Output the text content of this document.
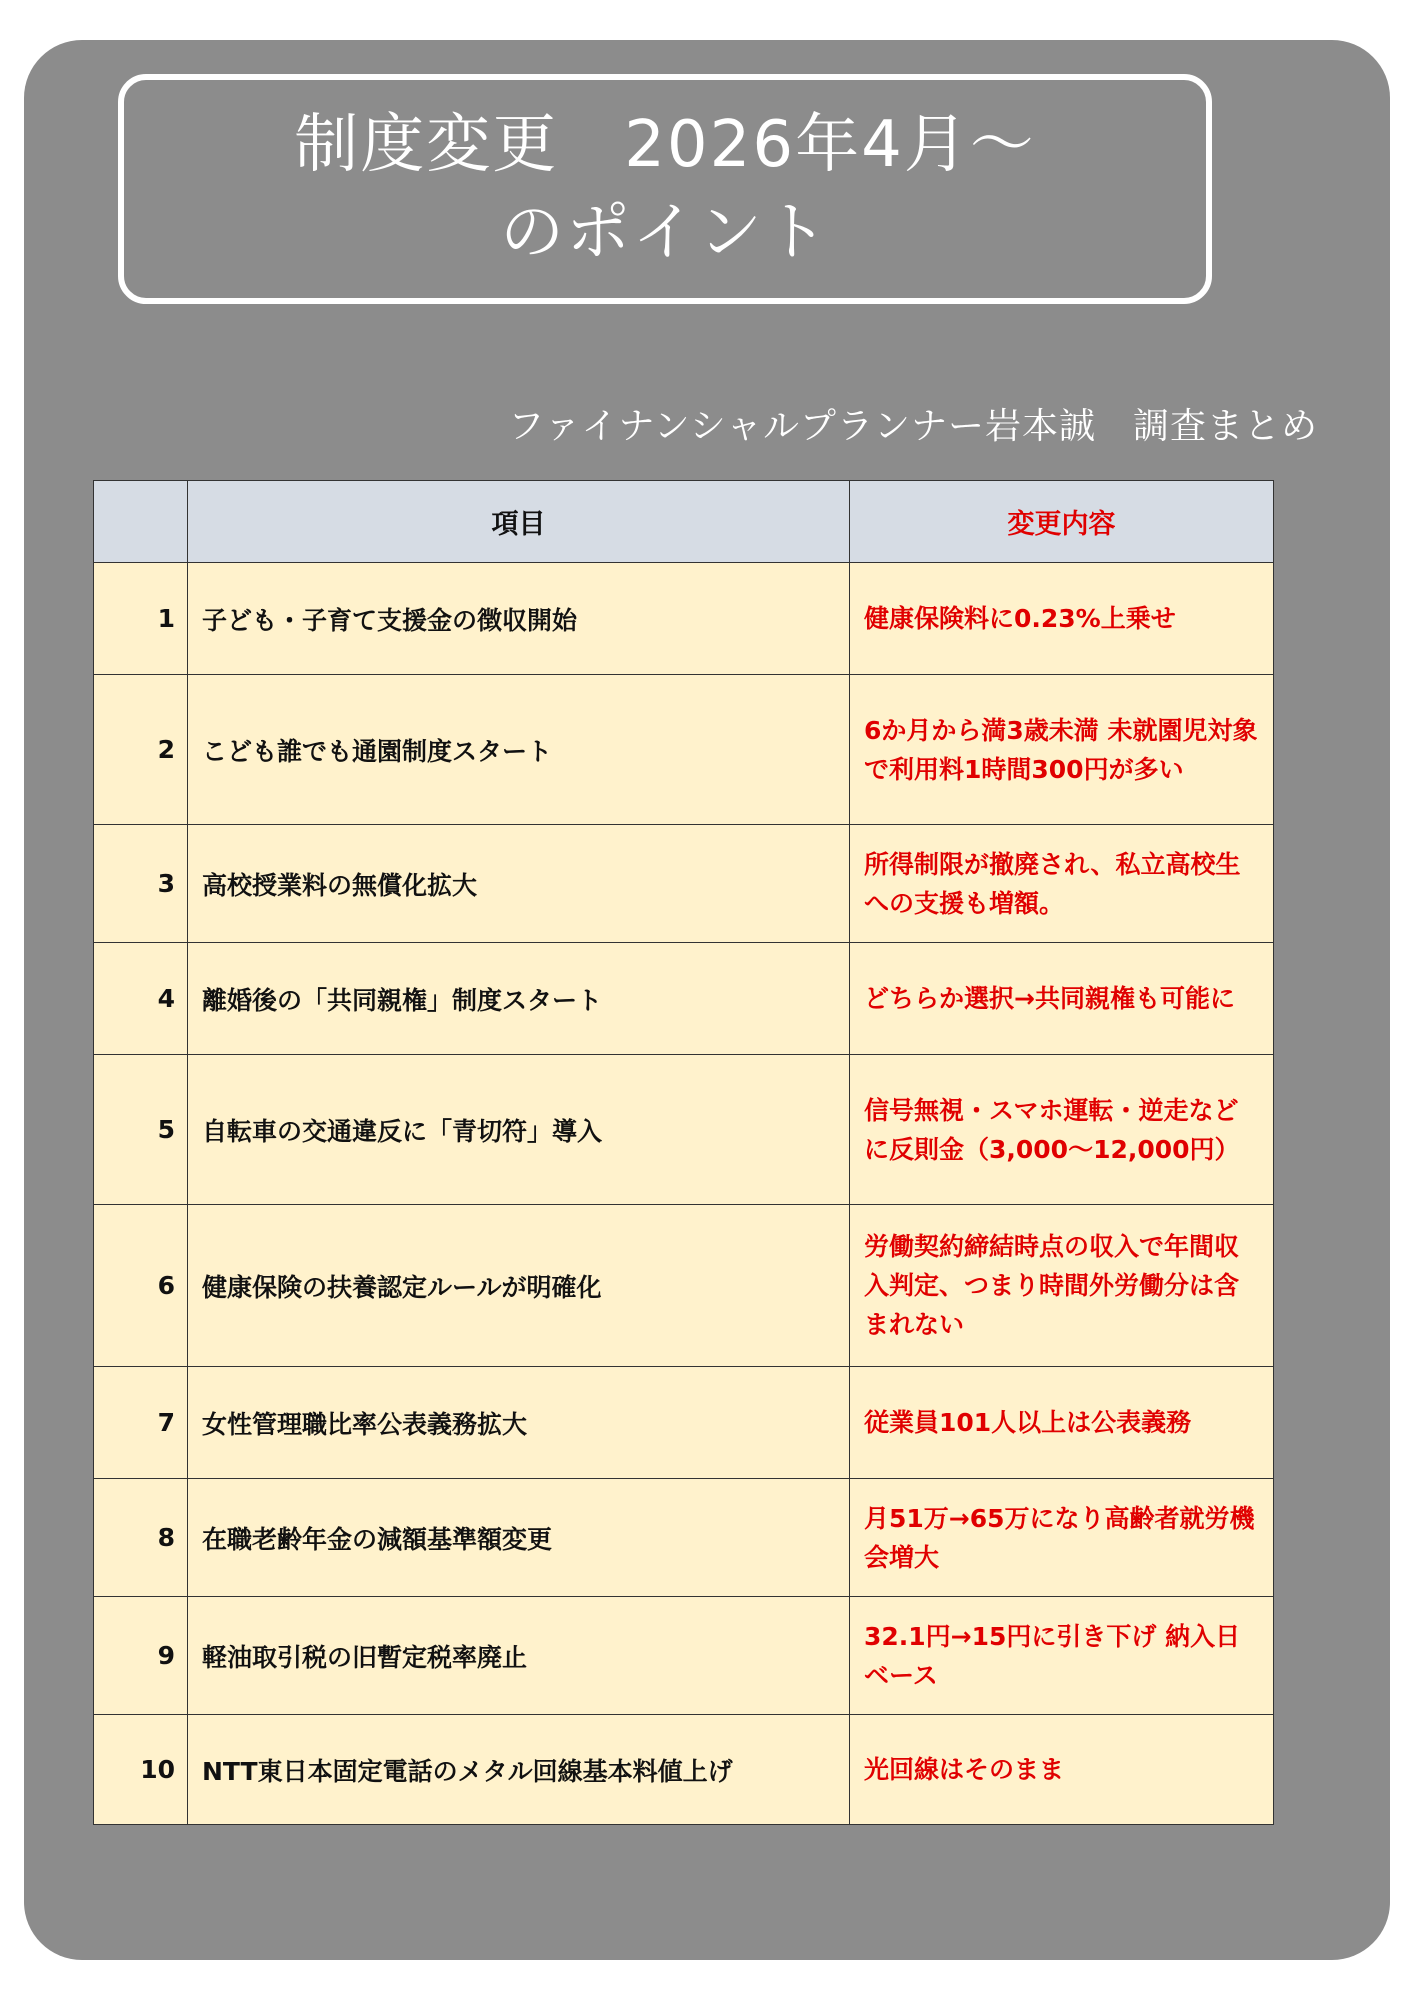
制度変更　2026年4月～
のポイント
ファイナンシャルプランナー岩本誠　調査まとめ
	項目	変更内容
1	子ども・子育て支援金の徴収開始	健康保険料に0.23%上乗せ
2	こども誰でも通園制度スタート	6か月から満3歳未満 未就園児対象で利用料1時間300円が多い
3	高校授業料の無償化拡大	所得制限が撤廃され、私立高校生への支援も増額。
4	離婚後の「共同親権」制度スタート	どちらか選択→共同親権も可能に
5	自転車の交通違反に「青切符」導入	信号無視・スマホ運転・逆走などに反則金（3,000～12,000円）
6	健康保険の扶養認定ルールが明確化	労働契約締結時点の収入で年間収入判定、つまり時間外労働分は含まれない
7	女性管理職比率公表義務拡大	従業員101人以上は公表義務
8	在職老齢年金の減額基準額変更	月51万→65万になり高齢者就労機会増大
9	軽油取引税の旧暫定税率廃止	32.1円→15円に引き下げ 納入日ベース
10	NTT東日本固定電話のメタル回線基本料値上げ	光回線はそのまま
